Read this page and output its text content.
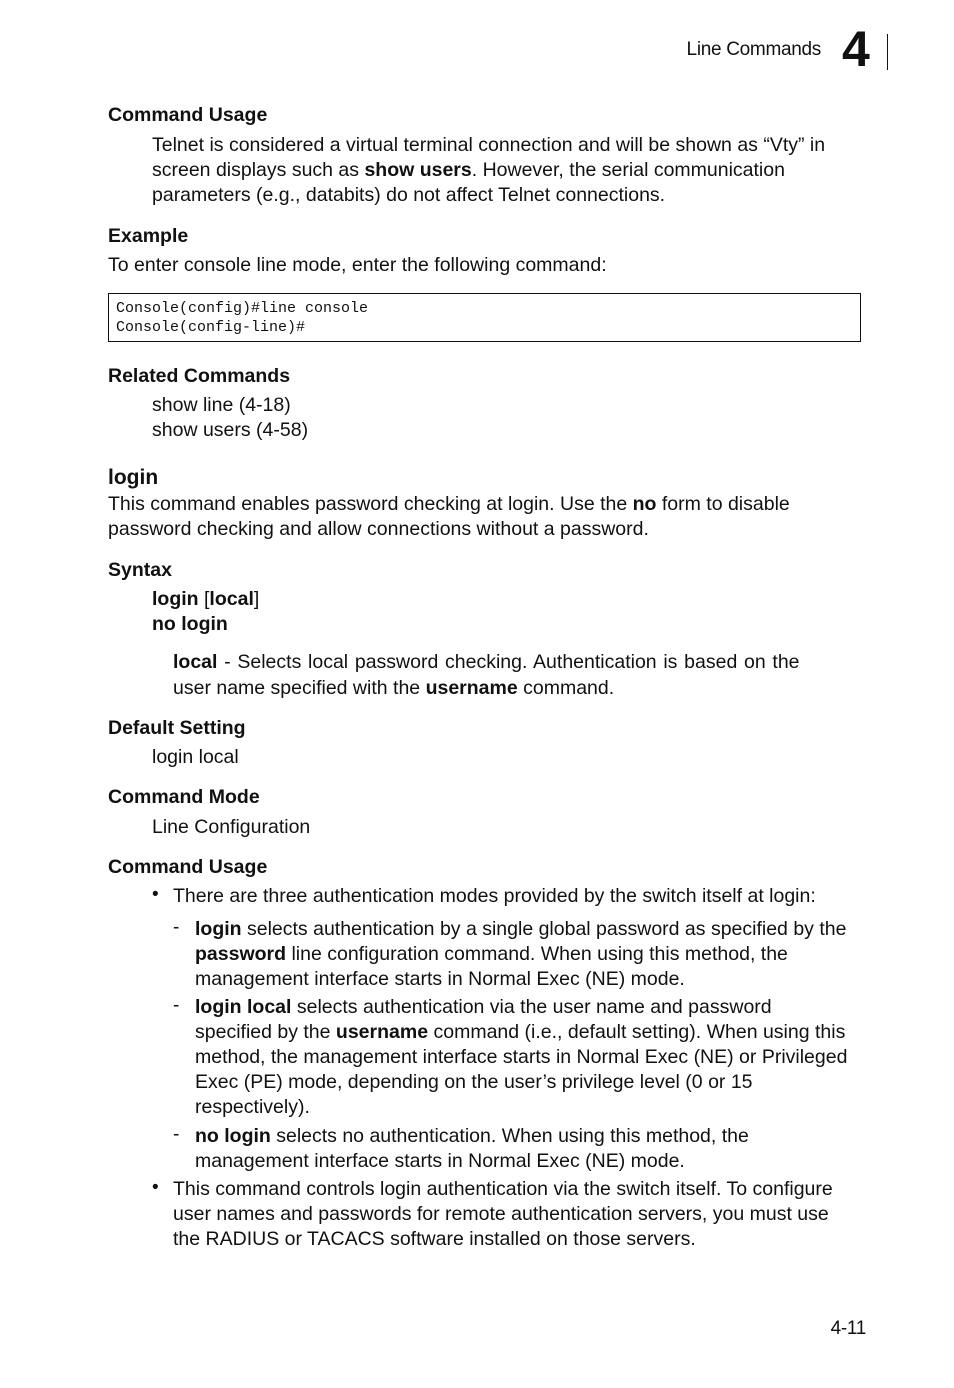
Line Commands 4
Command Usage
Telnet is considered a virtual terminal connection and will be shown as “Vty” in
screen displays such as show users. However, the serial communication
parameters (e.g., databits) do not affect Telnet connections.
Example
To enter console line mode, enter the following command:
Console(config)#line console
Console(config-line)#
Related Commands
show line (4-18)
show users (4-58)
login
This command enables password checking at login. Use the no form to disable
password checking and allow connections without a password.
Syntax
login [local]
no login
local - Selects local password checking. Authentication is based on the
user name specified with the username command.
Default Setting
login local
Command Mode
Line Configuration
Command Usage
• There are three authentication modes provided by the switch itself at login:
- login selects authentication by a single global password as specified by the
password line configuration command. When using this method, the
management interface starts in Normal Exec (NE) mode.
- login local selects authentication via the user name and password
specified by the username command (i.e., default setting). When using this
method, the management interface starts in Normal Exec (NE) or Privileged
Exec (PE) mode, depending on the user’s privilege level (0 or 15
respectively).
- no login selects no authentication. When using this method, the
management interface starts in Normal Exec (NE) mode.
• This command controls login authentication via the switch itself. To configure
user names and passwords for remote authentication servers, you must use
the RADIUS or TACACS software installed on those servers.
4-11
